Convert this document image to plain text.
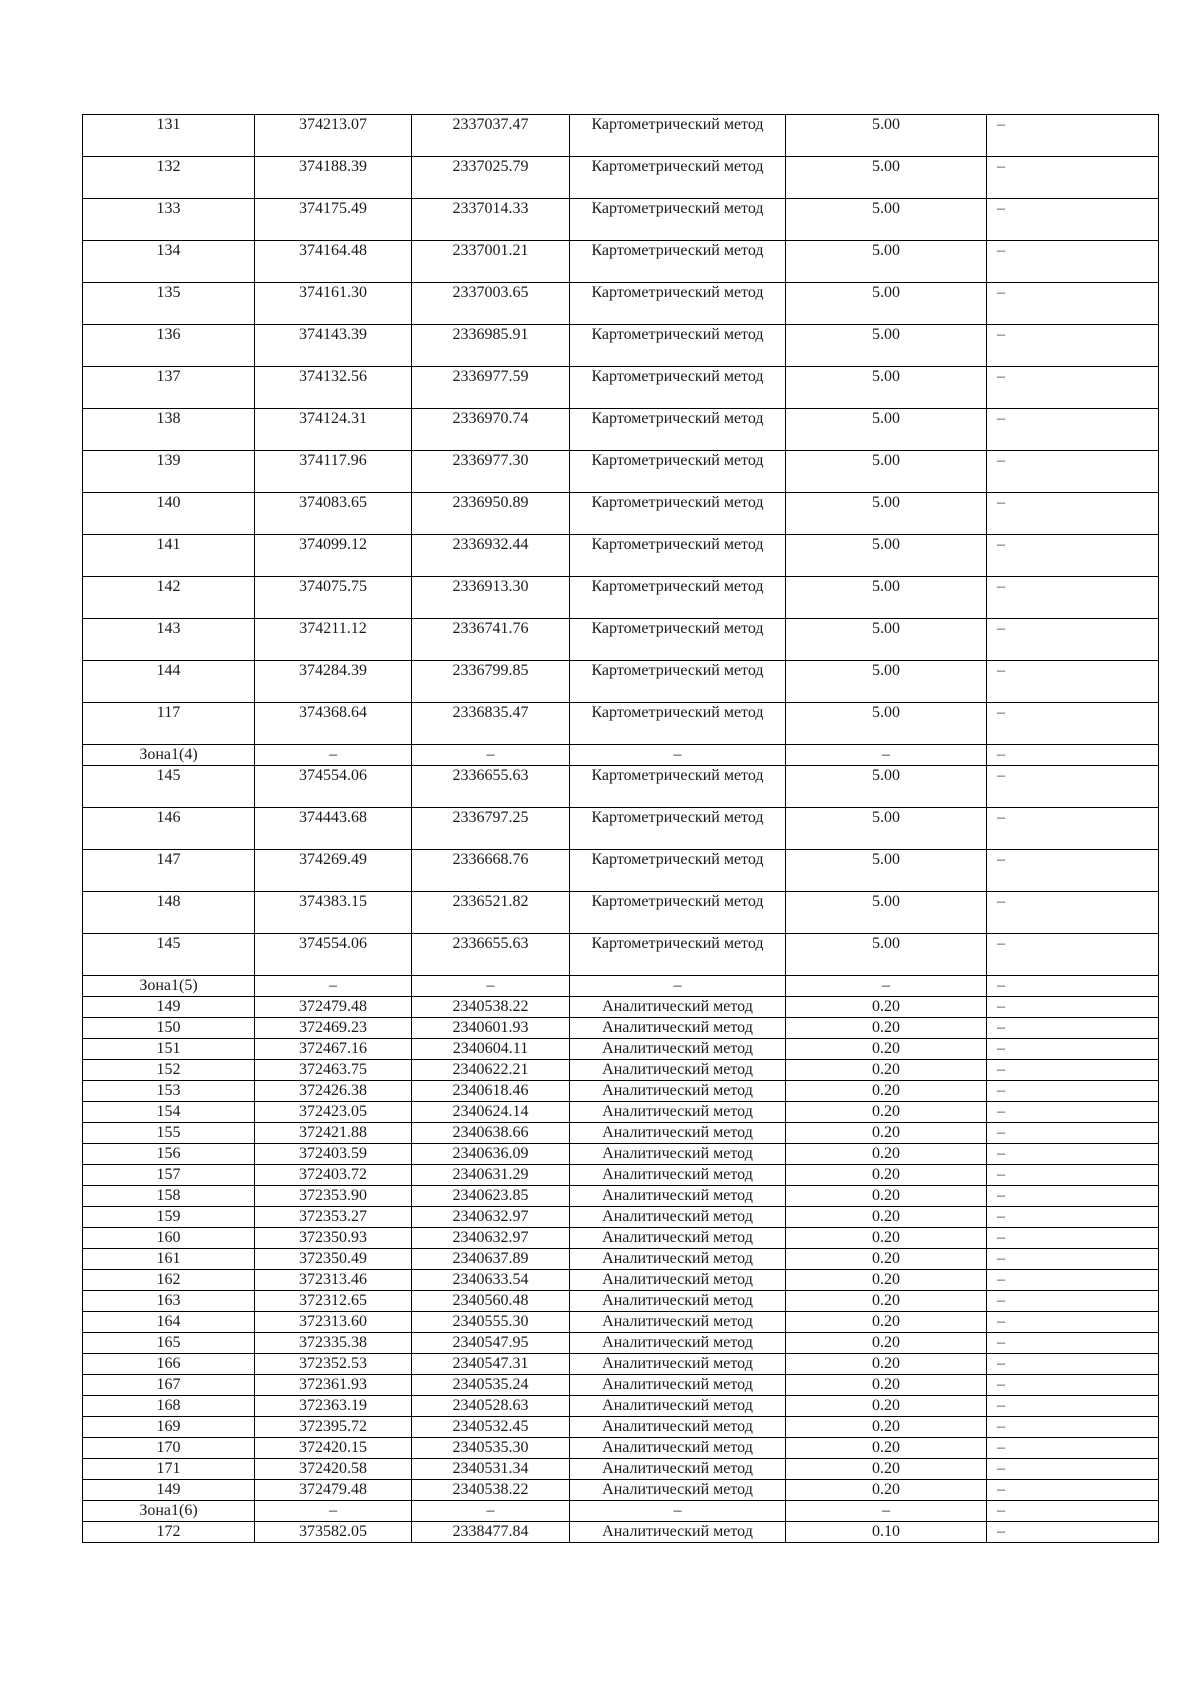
131	374213.07	2337037.47	Картометрический метод	5.00	–
132	374188.39	2337025.79	Картометрический метод	5.00	–
133	374175.49	2337014.33	Картометрический метод	5.00	–
134	374164.48	2337001.21	Картометрический метод	5.00	–
135	374161.30	2337003.65	Картометрический метод	5.00	–
136	374143.39	2336985.91	Картометрический метод	5.00	–
137	374132.56	2336977.59	Картометрический метод	5.00	–
138	374124.31	2336970.74	Картометрический метод	5.00	–
139	374117.96	2336977.30	Картометрический метод	5.00	–
140	374083.65	2336950.89	Картометрический метод	5.00	–
141	374099.12	2336932.44	Картометрический метод	5.00	–
142	374075.75	2336913.30	Картометрический метод	5.00	–
143	374211.12	2336741.76	Картометрический метод	5.00	–
144	374284.39	2336799.85	Картометрический метод	5.00	–
117	374368.64	2336835.47	Картометрический метод	5.00	–
Зона1(4)	–	–	–	–	–
145	374554.06	2336655.63	Картометрический метод	5.00	–
146	374443.68	2336797.25	Картометрический метод	5.00	–
147	374269.49	2336668.76	Картометрический метод	5.00	–
148	374383.15	2336521.82	Картометрический метод	5.00	–
145	374554.06	2336655.63	Картометрический метод	5.00	–
Зона1(5)	–	–	–	–	–
149	372479.48	2340538.22	Аналитический метод	0.20	–
150	372469.23	2340601.93	Аналитический метод	0.20	–
151	372467.16	2340604.11	Аналитический метод	0.20	–
152	372463.75	2340622.21	Аналитический метод	0.20	–
153	372426.38	2340618.46	Аналитический метод	0.20	–
154	372423.05	2340624.14	Аналитический метод	0.20	–
155	372421.88	2340638.66	Аналитический метод	0.20	–
156	372403.59	2340636.09	Аналитический метод	0.20	–
157	372403.72	2340631.29	Аналитический метод	0.20	–
158	372353.90	2340623.85	Аналитический метод	0.20	–
159	372353.27	2340632.97	Аналитический метод	0.20	–
160	372350.93	2340632.97	Аналитический метод	0.20	–
161	372350.49	2340637.89	Аналитический метод	0.20	–
162	372313.46	2340633.54	Аналитический метод	0.20	–
163	372312.65	2340560.48	Аналитический метод	0.20	–
164	372313.60	2340555.30	Аналитический метод	0.20	–
165	372335.38	2340547.95	Аналитический метод	0.20	–
166	372352.53	2340547.31	Аналитический метод	0.20	–
167	372361.93	2340535.24	Аналитический метод	0.20	–
168	372363.19	2340528.63	Аналитический метод	0.20	–
169	372395.72	2340532.45	Аналитический метод	0.20	–
170	372420.15	2340535.30	Аналитический метод	0.20	–
171	372420.58	2340531.34	Аналитический метод	0.20	–
149	372479.48	2340538.22	Аналитический метод	0.20	–
Зона1(6)	–	–	–	–	–
172	373582.05	2338477.84	Аналитический метод	0.10	–
